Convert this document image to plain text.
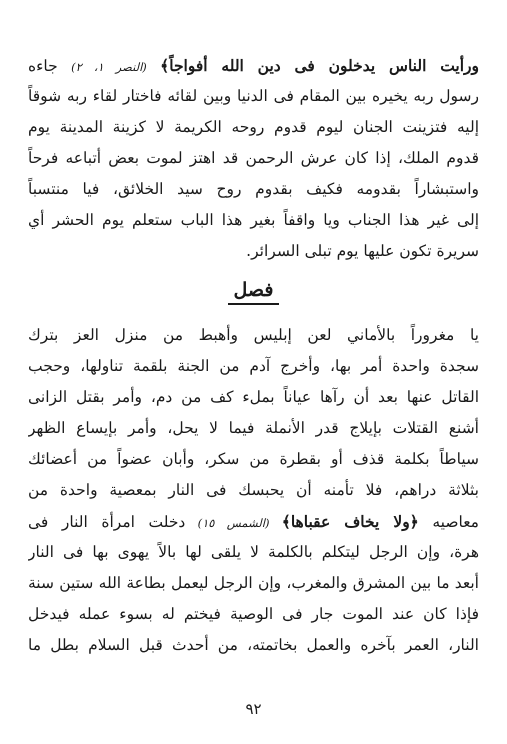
ورأيت الناس يدخلون فى دين الله أفواجاً﴾ (النصر ١، ٢) جاءه
رسول ربه يخيره بين المقام فى الدنيا وبين لقائه فاختار لقاء ربه شوقاً
إليه فتزينت الجنان ليوم قدوم روحه الكريمة لا كزينة المدينة يوم
قدوم الملك، إذا كان عرش الرحمن قد اهتز لموت بعض أتباعه فرحاً
واستبشاراً بقدومه فكيف بقدوم روح سيد الخلائق، فيا منتسباً
إلى غير هذا الجناب ويا واقفاً بغير هذا الباب ستعلم يوم الحشر أي
سريرة تكون عليها يوم تبلى السرائر.
فصل
يا مغروراً بالأماني لعن إبليس وأهبط من منزل العز بترك
سجدة واحدة أمر بها، وأخرج آدم من الجنة بلقمة تناولها، وحجب
القاتل عنها بعد أن رآها عياناً بملء كف من دم، وأمر بقتل الزانى
أشنع القتلات بإيلاج قدر الأنملة فيما لا يحل، وأمر بإيساع الظهر
سياطاً بكلمة قذف أو بقطرة من سكر، وأبان عضواً من أعضائك
بثلاثة دراهم، فلا تأمنه أن يحبسك فى النار بمعصية واحدة من
معاصيه ﴿ولا يخاف عقباها﴾ (الشمس ١٥) دخلت امرأة النار فى
هرة، وإن الرجل ليتكلم بالكلمة لا يلقى لها بالاً يهوى بها فى النار
أبعد ما بين المشرق والمغرب، وإن الرجل ليعمل بطاعة الله ستين سنة
فإذا كان عند الموت جار فى الوصية فيختم له بسوء عمله فيدخل
النار، العمر بآخره والعمل بخاتمته، من أحدث قبل السلام بطل ما
٩٢
